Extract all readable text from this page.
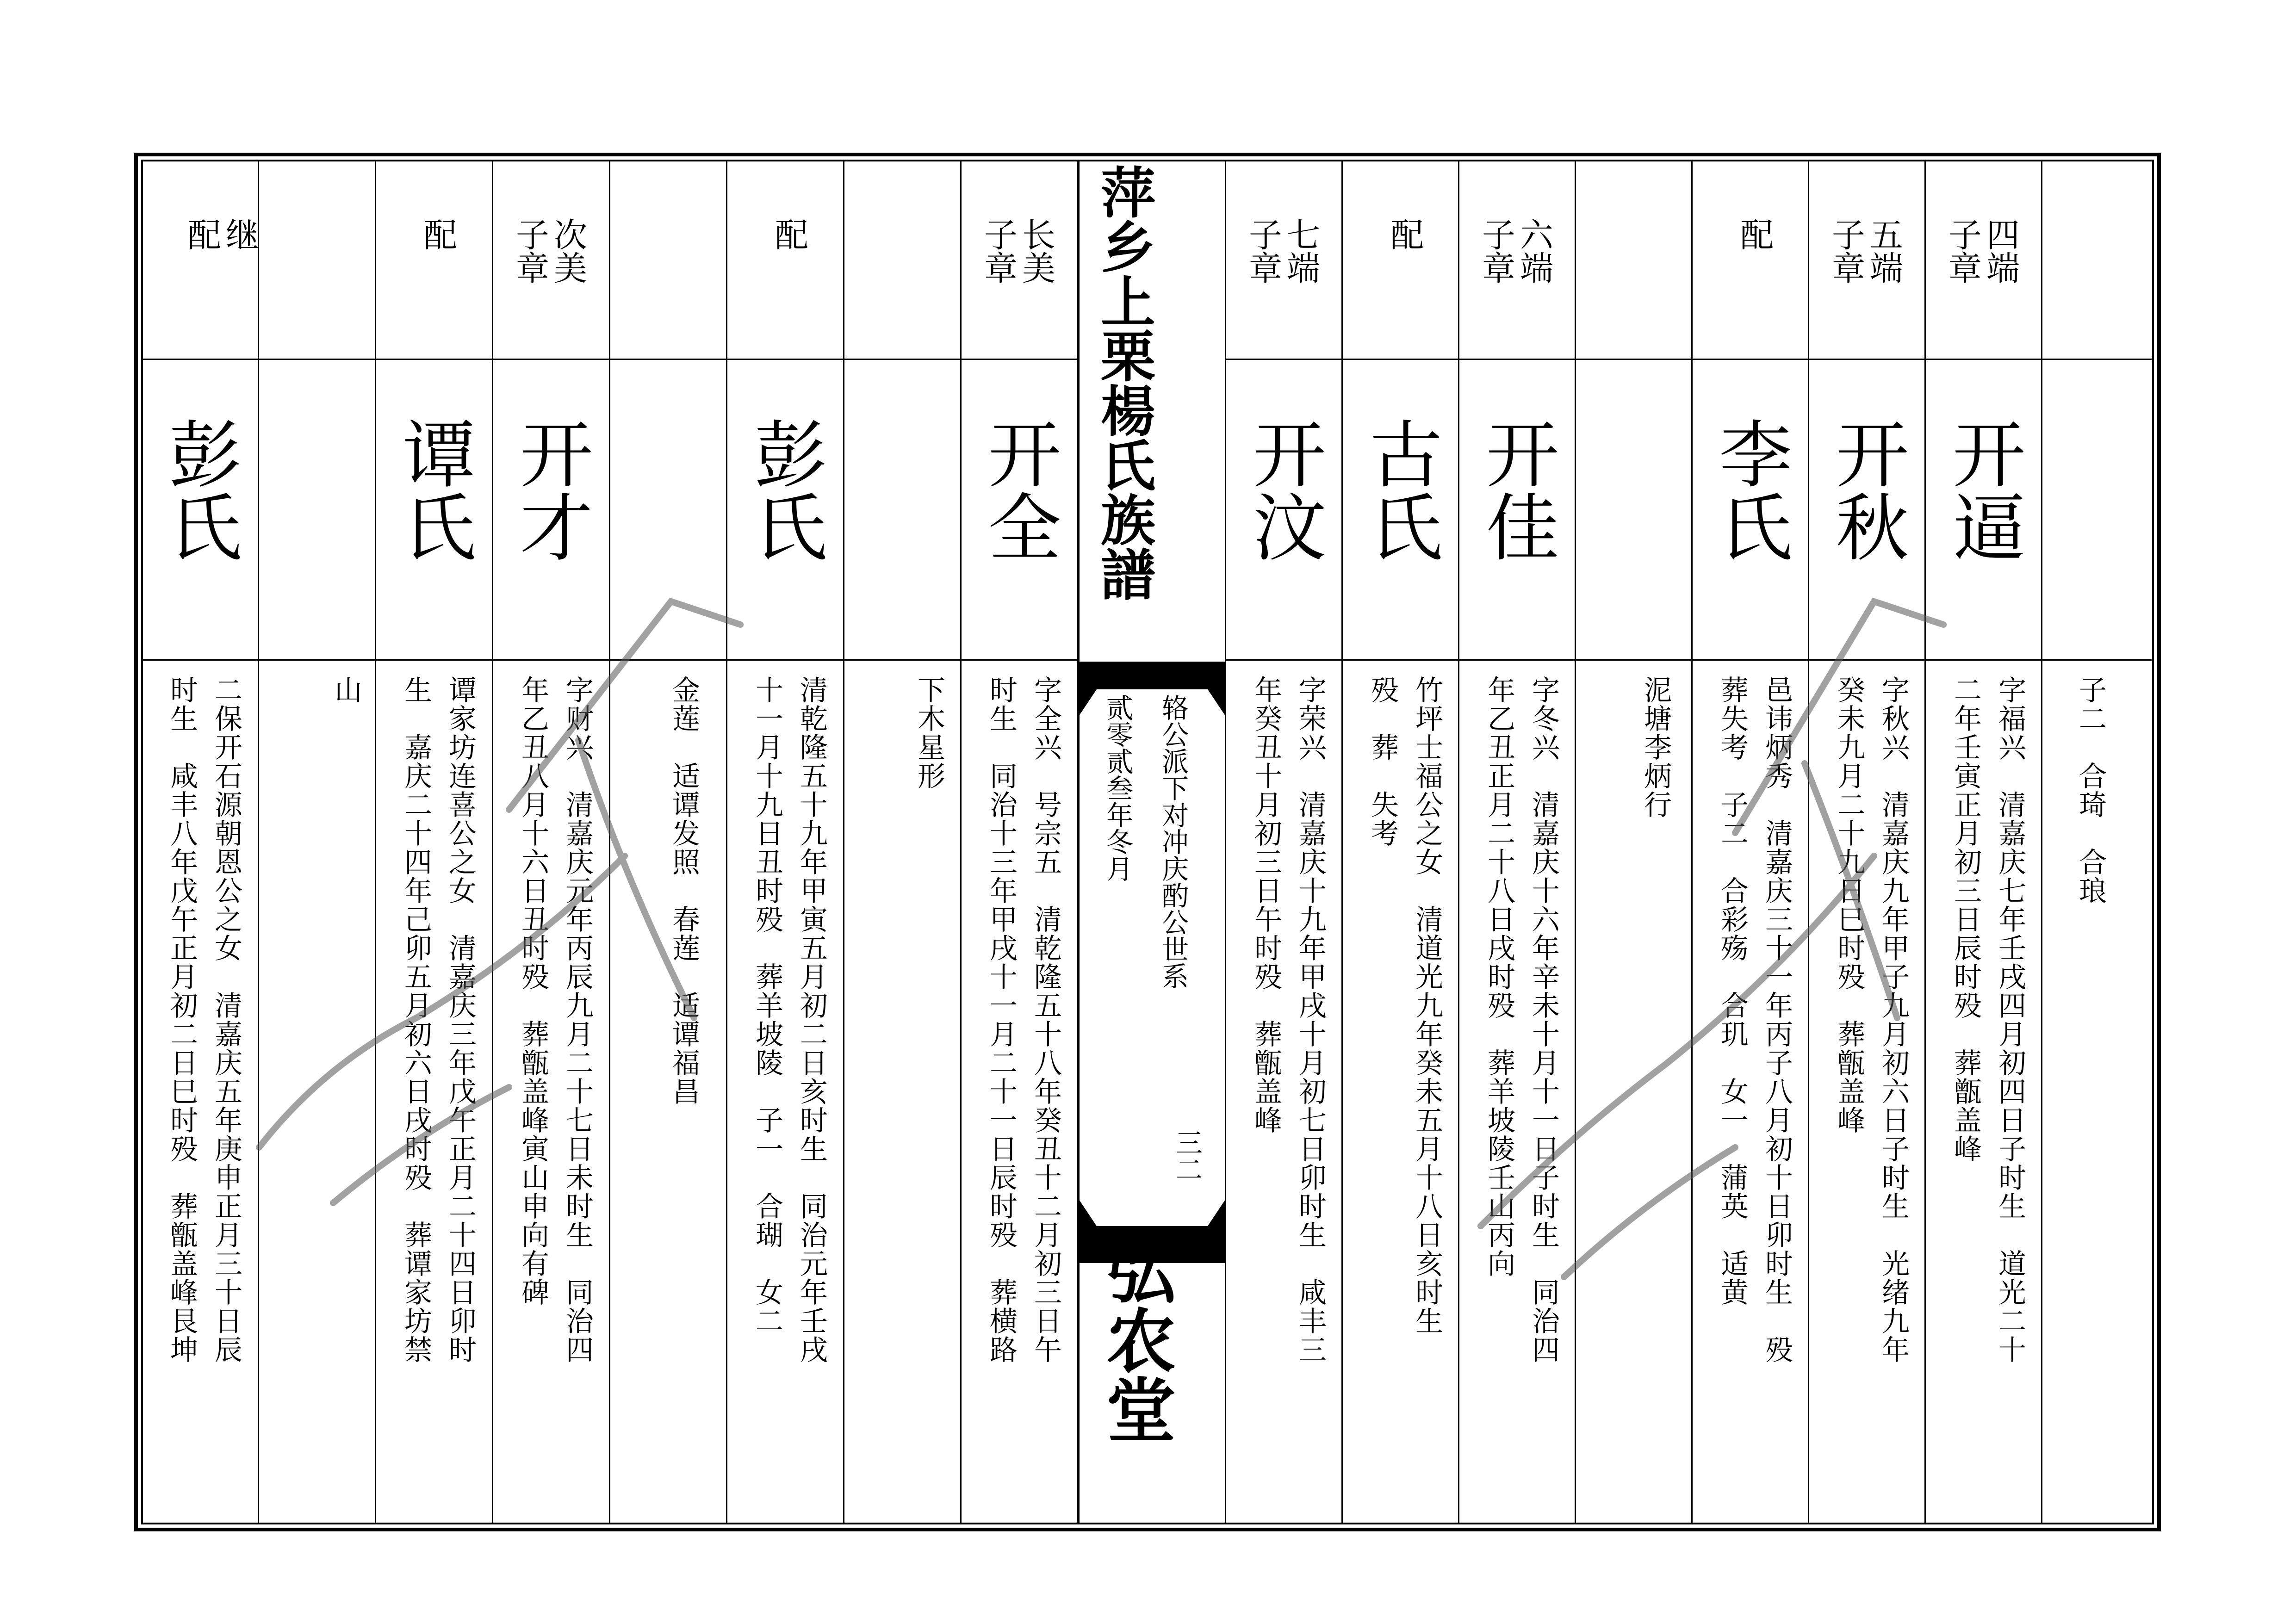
萍乡上栗楊氏族譜
辂公派下对冲庆酌公世系
贰零贰叁年冬月
三二
弘农堂
子二　合琦　合琅
四端
子章
开逼
字福兴　清嘉庆七年壬戌四月初四日子时生　道光二十
二年壬寅正月初三日辰时殁　葬甑盖峰
五端
子章
开秋
字秋兴　清嘉庆九年甲子九月初六日子时生　光绪九年
癸未九月二十九日巳时殁　葬甑盖峰
配
李氏
邑讳炳秀　清嘉庆三十一年丙子八月初十日卯时生　殁
葬失考　子二　合彩殇　合玑　女一　蒲英　适黄
泥塘李炳行
六端
子章
开佳
字冬兴　清嘉庆十六年辛未十月十一日子时生　同治四
年乙丑正月二十八日戌时殁　葬羊坡陵壬山丙向
配
古氏
竹坪士福公之女　清道光九年癸未五月十八日亥时生
殁　葬　失考
七端
子章
开汶
字荣兴　清嘉庆十九年甲戌十月初七日卯时生　咸丰三
年癸丑十月初三日午时殁　葬甑盖峰
长美
子章
开全
字全兴　号宗五　清乾隆五十八年癸丑十二月初三日午
时生　同治十三年甲戌十一月二十一日辰时殁　葬横路
下木星形
配
彭氏
清乾隆五十九年甲寅五月初二日亥时生　同治元年壬戌
十一月十九日丑时殁　葬羊坡陵　子一　合瑚　女二
金莲　适谭发照　春莲　适谭福昌
次美
子章
开才
字财兴　清嘉庆元年丙辰九月二十七日未时生　同治四
年乙丑八月十六日丑时殁　葬甑盖峰寅山申向有碑
配
谭氏
谭家坊连喜公之女　清嘉庆三年戊午正月二十四日卯时
生　嘉庆二十四年己卯五月初六日戌时殁　葬谭家坊禁
山
继
配
彭氏
二保开石源朝恩公之女　清嘉庆五年庚申正月三十日辰
时生　咸丰八年戊午正月初二日巳时殁　葬甑盖峰艮坤
